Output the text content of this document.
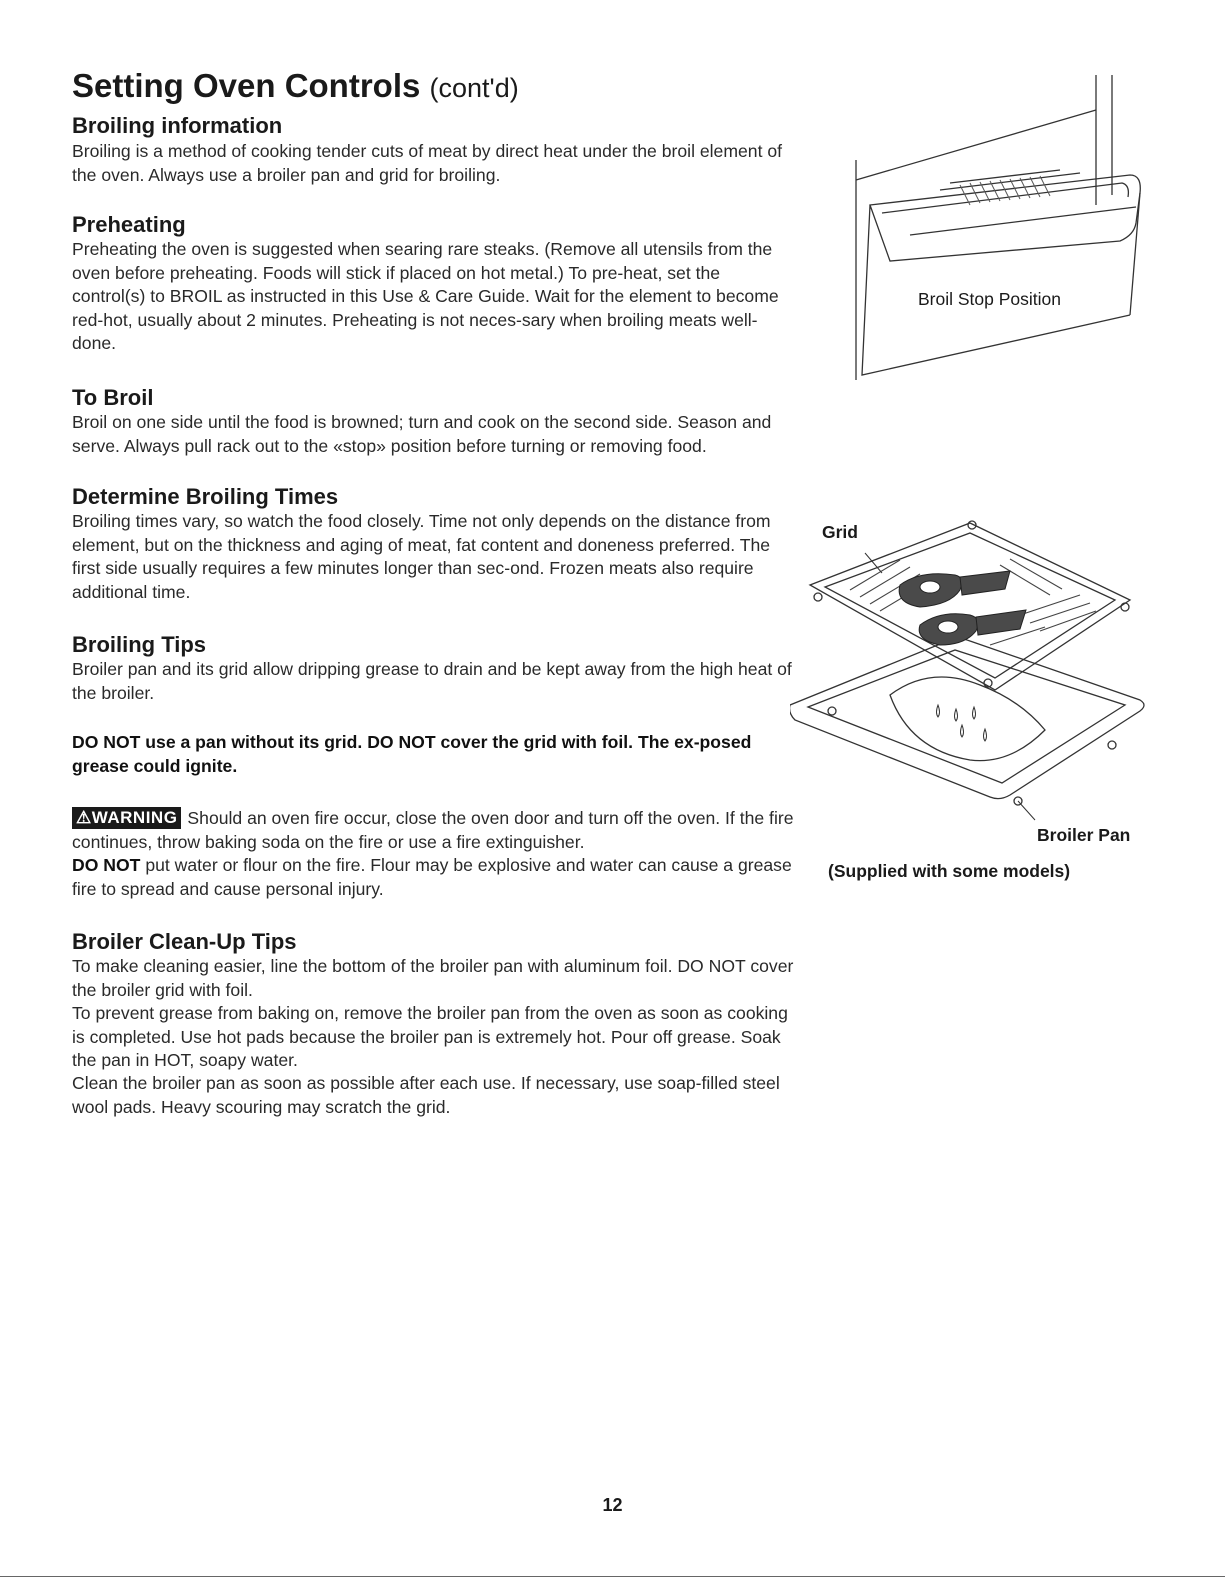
Setting Oven Controls (cont'd)
Broiling information

Broiling is a method of cooking tender cuts of meat by direct heat under the broil element of the oven. Always use a broiler pan and grid for broiling.

Preheating

Preheating the oven is suggested when searing rare steaks. (Remove all utensils from the oven before preheating. Foods will stick if placed on hot metal.) To pre-heat, set the control(s) to BROIL as instructed in this Use & Care Guide. Wait for the element to become red-hot, usually about 2 minutes. Preheating is not neces-sary when broiling meats well-done.

To Broil

Broil on one side until the food is browned; turn and cook on the second side. Season and serve. Always pull rack out to the «stop» position before turning or removing food.

Determine Broiling Times

Broiling times vary, so watch the food closely. Time not only depends on the distance from element, but on the thickness and aging of meat, fat content and doneness preferred. The first side usually requires a few minutes longer than sec-ond. Frozen meats also require additional time.

Broiling Tips

Broiler pan and its grid allow dripping grease to drain and be kept away from the high heat of the broiler.

DO NOT use a pan without its grid. DO NOT cover the grid with foil. The ex-posed grease could ignite.

⚠WARNING Should an oven fire occur, close the oven door and turn off the oven. If the fire continues, throw baking soda on the fire or use a fire extinguisher.
DO NOT put water or flour on the fire. Flour may be explosive and water can cause a grease fire to spread and cause personal injury.

Broiler Clean-Up Tips

To make cleaning easier, line the bottom of the broiler pan with aluminum foil. DO NOT cover the broiler grid with foil.

To prevent grease from baking on, remove the broiler pan from the oven as soon as cooking is completed. Use hot pads because the broiler pan is extremely hot. Pour off grease. Soak the pan in HOT, soapy water.

Clean the broiler pan as soon as possible after each use. If necessary, use soap-filled steel wool pads. Heavy scouring may scratch the grid.

Broil Stop Position
Grid
Broiler Pan
(Supplied with some models)
12
